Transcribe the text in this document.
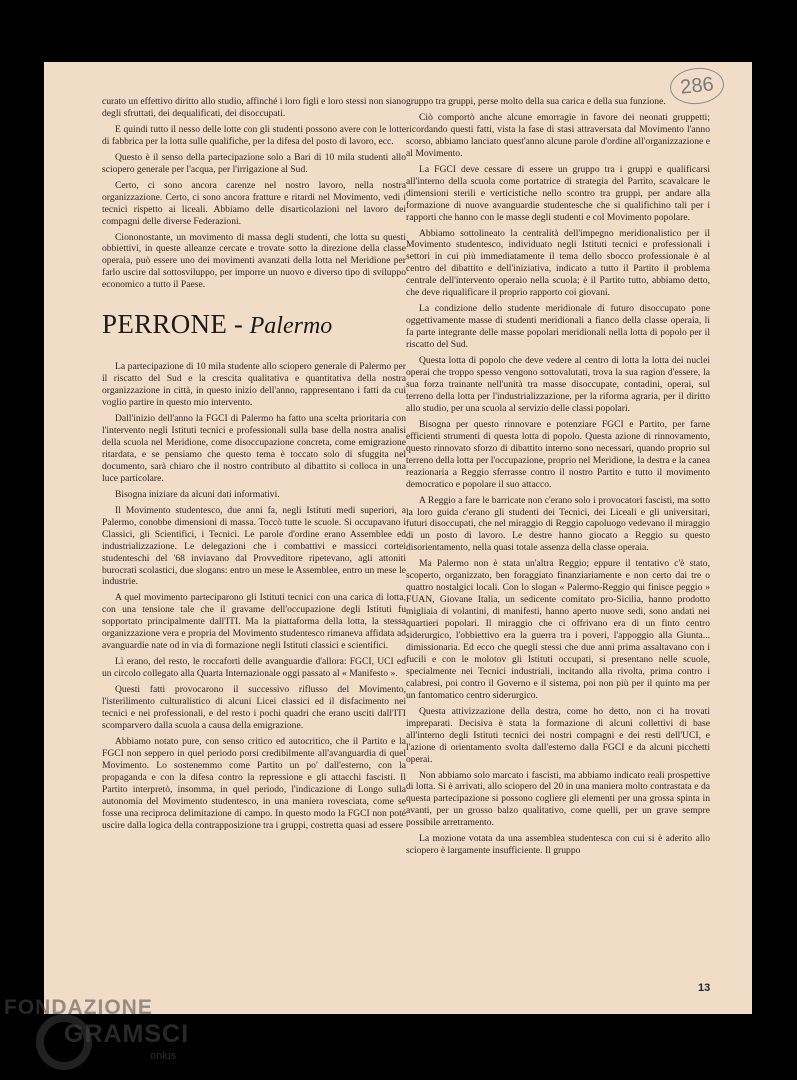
286

curato un effettivo diritto allo studio, affinché i loro figli e loro stessi non siano degli sfruttati, dei dequalificati, dei disoccupati.

E quindi tutto il nesso delle lotte con gli studenti possono avere con le lotte di fabbrica per la lotta sulle qualifiche, per la difesa del posto di lavoro, ecc.

Questo è il senso della partecipazione solo a Bari di 10 mila studenti allo sciopero generale per l'acqua, per l'irrigazione al Sud.

Certo, ci sono ancora carenze nel nostro lavoro, nella nostra organizzazione. Certo, ci sono ancora fratture e ritardi nel Movimento, vedi i tecnici rispetto ai liceali. Abbiamo delle disarticolazioni nel lavoro dei compagni delle diverse Federazioni.

Ciononostante, un movimento di massa degli studenti, che lotta su questi obbiettivi, in queste alleanze cercate e trovate sotto la direzione della classe operaia, può essere uno dei movimenti avanzati della lotta nel Meridione per farlo uscire dal sottosviluppo, per imporre un nuovo e diverso tipo di sviluppo economico a tutto il Paese.

PERRONE - Palermo

La partecipazione di 10 mila studente allo sciopero generale di Palermo per il riscatto del Sud e la crescita qualitativa e quantitativa della nostra organizzazione in città, in questo inizio dell'anno, rappresentano i fatti da cui voglio partire in questo mio intervento.

Dall'inizio dell'anno la FGCI di Palermo ha fatto una scelta prioritaria con l'intervento negli Istituti tecnici e professionali sulla base della nostra analisi della scuola nel Meridione, come disoccupazione concreta, come emigrazione ritardata, e se pensiamo che questo tema è toccato solo di sfuggita nel documento, sarà chiaro che il nostro contributo al dibattito si colloca in una luce particolare.

Bisogna iniziare da alcuni dati informativi.

Il Movimento studentesco, due anni fa, negli Istituti medi superiori, a Palermo, conobbe dimensioni di massa. Toccò tutte le scuole. Si occupavano i Classici, gli Scientifici, i Tecnici. Le parole d'ordine erano Assemblee ed industrializzazione. Le delegazioni che i combattivi e massicci cortei studenteschi del '68 inviavano dal Provveditore ripetevano, agli attoniti burocrati scolastici, due slogans: entro un mese le Assemblee, entro un mese le industrie.

A quel movimento parteciparono gli Istituti tecnici con una carica di lotta, con una tensione tale che il gravame dell'occupazione degli Istituti fu sopportato principalmente dall'ITI. Ma la piattaforma della lotta, la stessa organizzazione vera e propria del Movimento studentesco rimaneva affidata ad avanguardie nate od in via di formazione negli Istituti classici e scientifici.

Lì erano, del resto, le roccaforti delle avanguardie d'allora: FGCI, UCI ed un circolo collegato alla Quarta Internazionale oggi passato al « Manifesto ».

Questi fatti provocarono il successivo riflusso del Movimento, l'isterilimento culturalistico di alcuni Licei classici ed il disfacimento nei tecnici e nei professionali, e del resto i pochi quadri che erano usciti dall'ITI scomparvero dalla scuola a causa della emigrazione.

Abbiamo notato pure, con senso critico ed autocritico, che il Partito e la FGCI non seppero in quel periodo porsi credibilmente all'avanguardia di quel Movimento. Lo sostenemmo come Partito un po' dall'esterno, con la propaganda e con la difesa contro la repressione e gli attacchi fascisti. Il Partito interpretò, insomma, in quel periodo, l'indicazione di Longo sulla autonomia del Movimento studentesco, in una maniera rovesciata, come se fosse una reciproca delimitazione di campo. In questo modo la FGCI non poté uscire dalla logica della contrapposizione tra i gruppi, costretta quasi ad essere

gruppo tra gruppi, perse molto della sua carica e della sua funzione.

Ciò comportò anche alcune emorragie in favore dei neonati gruppetti; ricordando questi fatti, vista la fase di stasi attraversata dal Movimento l'anno scorso, abbiamo lanciato quest'anno alcune parole d'ordine all'organizzazione e al Movimento.

La FGCI deve cessare di essere un gruppo tra i gruppi e qualificarsi all'interno della scuola come portatrice di strategia del Partito, scavalcare le dimensioni sterili e verticistiche nello scontro tra gruppi, per andare alla formazione di nuove avanguardie studentesche che si qualifichino tali per i rapporti che hanno con le masse degli studenti e col Movimento popolare.

Abbiamo sottolineato la centralità dell'impegno meridionalistico per il Movimento studentesco, individuato negli Istituti tecnici e professionali i settori in cui più immediatamente il tema dello sbocco professionale è al centro del dibattito e dell'iniziativa, indicato a tutto il Partito il problema centrale dell'intervento operaio nella scuola; è il Partito tutto, abbiamo detto, che deve riqualificare il proprio rapporto coi giovani.

La condizione dello studente meridionale di futuro disoccupato pone oggettivamente masse di studenti meridionali a fianco della classe operaia, li fa parte integrante delle masse popolari meridionali nella lotta di popolo per il riscatto del Sud.

Questa lotta di popolo che deve vedere al centro di lotta la lotta dei nuclei operai che troppo spesso vengono sottovalutati, trova la sua ragion d'essere, la sua forza trainante nell'unità tra masse disoccupate, contadini, operai, sul terreno della lotta per l'industrializzazione, per la riforma agraria, per il diritto allo studio, per una scuola al servizio delle classi popolari.

Bisogna per questo rinnovare e potenziare FGCI e Partito, per farne efficienti strumenti di questa lotta di popolo. Questa azione di rinnovamento, questo rinnovato sforzo di dibattito interno sono necessari, quando proprio sul terreno della lotta per l'occupazione, proprio nel Meridione, la destra e la canea reazionaria a Reggio sferrasse contro il nostro Partito e tutto il movimento democratico e popolare il suo attacco.

A Reggio a fare le barricate non c'erano solo i provocatori fascisti, ma sotto la loro guida c'erano gli studenti dei Tecnici, dei Liceali e gli universitari, futuri disoccupati, che nel miraggio di Reggio capoluogo vedevano il miraggio di un posto di lavoro. Le destre hanno giocato a Reggio su questo disorientamento, nella quasi totale assenza della classe operaia.

Ma Palermo non è stata un'altra Reggio; eppure il tentativo c'è stato, scoperto, organizzato, ben foraggiato finanziariamente e non certo dai tre o quattro nostalgici locali. Con lo slogan « Palermo-Reggio qui finisce peggio » FUAN, Giovane Italia, un sedicente comitato pro-Sicilia, hanno prodotto migliaia di volantini, di manifesti, hanno aperto nuove sedi, sono andati nei quartieri popolari. Il miraggio che ci offrivano era di un finto centro siderurgico, l'obbiettivo era la guerra tra i poveri, l'appoggio alla Giunta... dimissionaria. Ed ecco che quegli stessi che due anni prima assaltavano con i fucili e con le molotov gli Istituti occupati, si presentano nelle scuole, specialmente nei Tecnici industriali, incitando alla rivolta, prima contro i calabresi, poi contro il Governo e il sistema, poi non più per il quinto ma per un fantomatico centro siderurgico.

Questa attivizzazione della destra, come ho detto, non ci ha trovati impreparati. Decisiva è stata la formazione di alcuni collettivi di base all'interno degli Istituti tecnici dei nostri compagni e dei resti dell'UCI, e l'azione di orientamento svolta dall'esterno dalla FGCI e da alcuni picchetti operai.

Non abbiamo solo marcato i fascisti, ma abbiamo indicato reali prospettive di lotta. Si è arrivati, allo sciopero del 20 in una maniera molto contrastata e da questa partecipazione si possono cogliere gli elementi per una grossa spinta in avanti, per un grosso balzo qualitativo, come quelli, per un grave sempre possibile arretramento.

La mozione votata da una assemblea studentesca con cui si è aderito allo sciopero è largamente insufficiente. Il gruppo

13
FONDAZIONE
GRAMSCI
onlus
